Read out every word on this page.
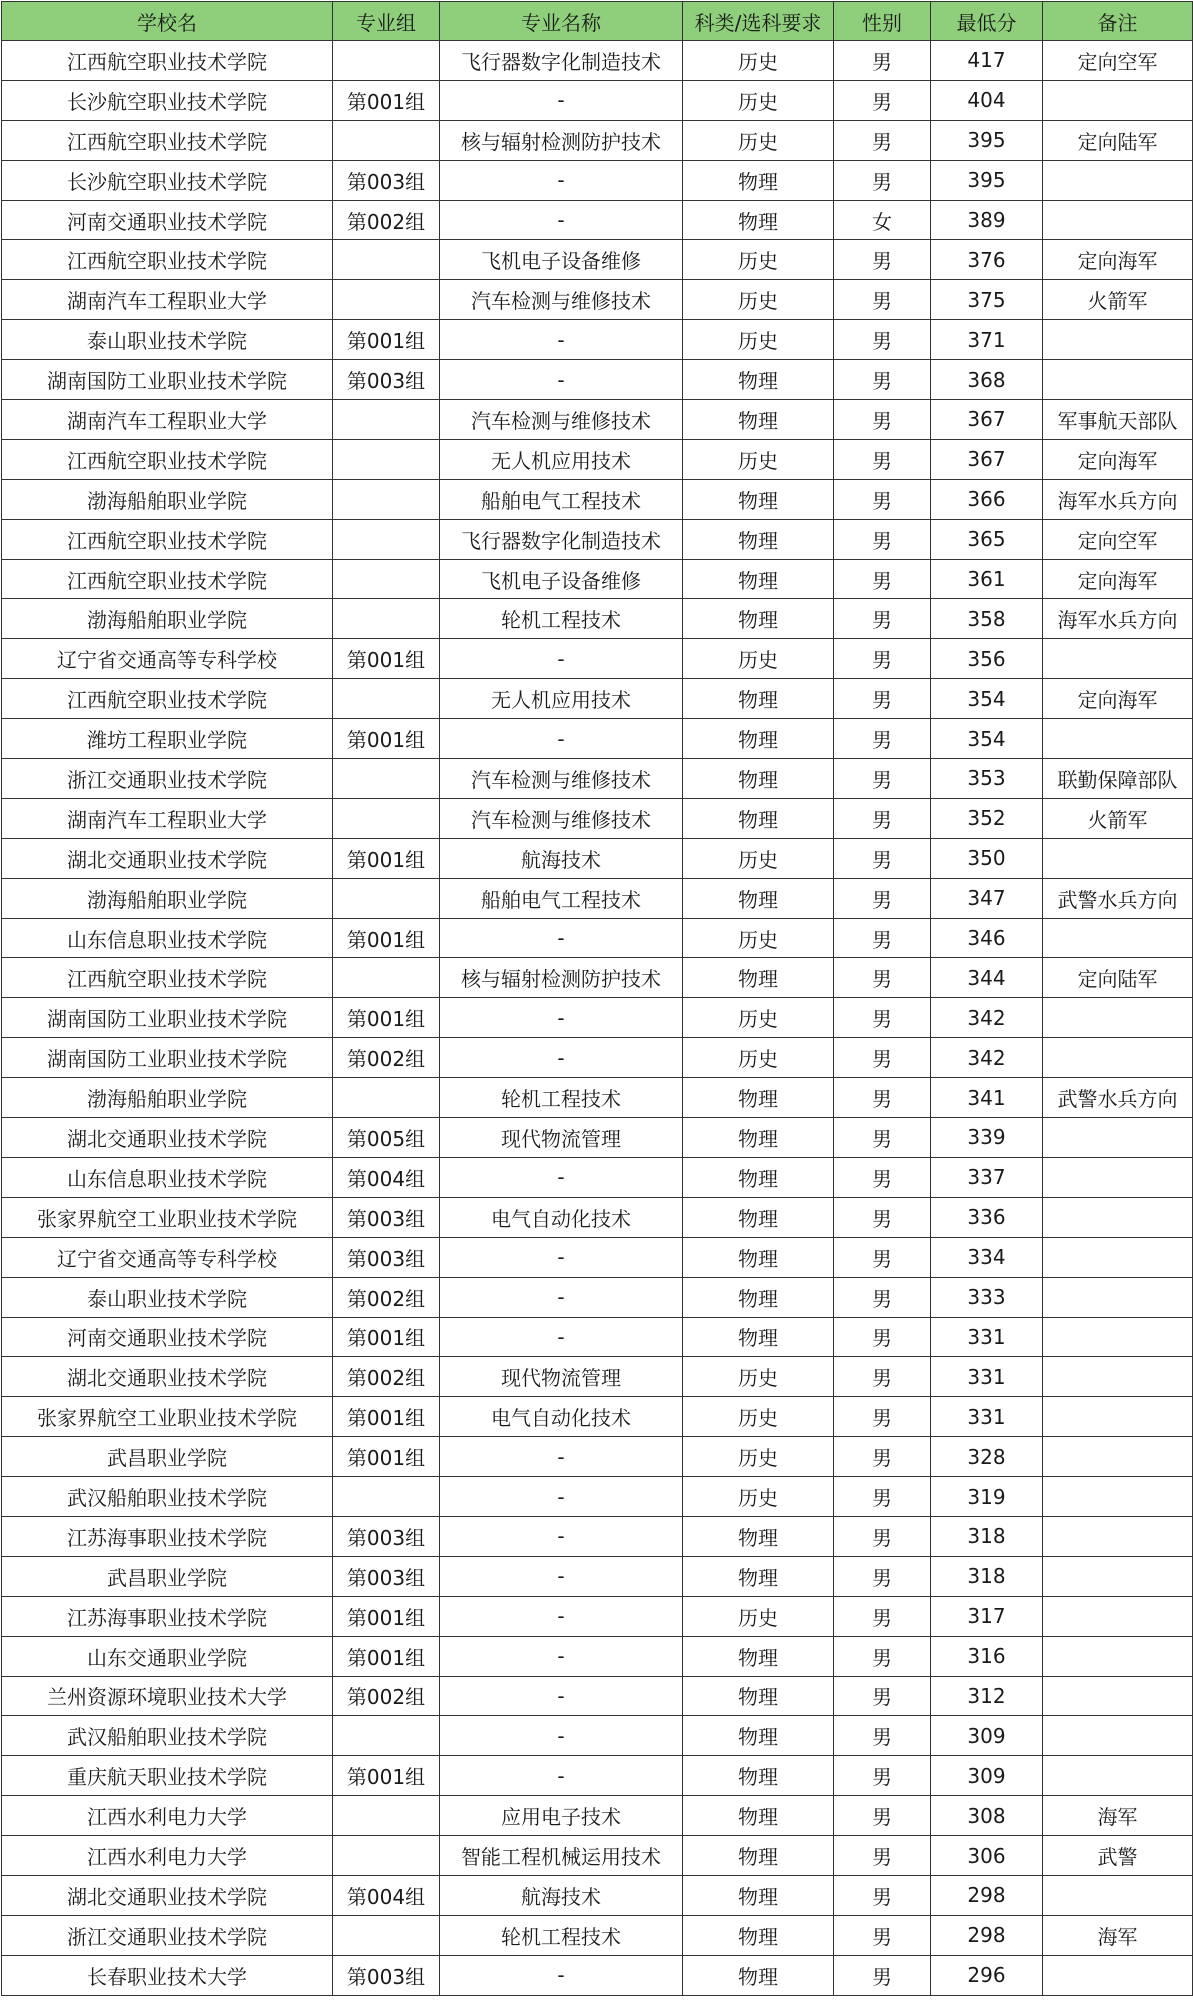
学校名	专业组	专业名称	科类/选科要求	性别	最低分	备注
江西航空职业技术学院		飞行器数字化制造技术	历史	男	417	定向空军
长沙航空职业技术学院	第001组	-	历史	男	404	
江西航空职业技术学院		核与辐射检测防护技术	历史	男	395	定向陆军
长沙航空职业技术学院	第003组	-	物理	男	395	
河南交通职业技术学院	第002组	-	物理	女	389	
江西航空职业技术学院		飞机电子设备维修	历史	男	376	定向海军
湖南汽车工程职业大学		汽车检测与维修技术	历史	男	375	火箭军
泰山职业技术学院	第001组	-	历史	男	371	
湖南国防工业职业技术学院	第003组	-	物理	男	368	
湖南汽车工程职业大学		汽车检测与维修技术	物理	男	367	军事航天部队
江西航空职业技术学院		无人机应用技术	历史	男	367	定向海军
渤海船舶职业学院		船舶电气工程技术	物理	男	366	海军水兵方向
江西航空职业技术学院		飞行器数字化制造技术	物理	男	365	定向空军
江西航空职业技术学院		飞机电子设备维修	物理	男	361	定向海军
渤海船舶职业学院		轮机工程技术	物理	男	358	海军水兵方向
辽宁省交通高等专科学校	第001组	-	历史	男	356	
江西航空职业技术学院		无人机应用技术	物理	男	354	定向海军
潍坊工程职业学院	第001组	-	物理	男	354	
浙江交通职业技术学院		汽车检测与维修技术	物理	男	353	联勤保障部队
湖南汽车工程职业大学		汽车检测与维修技术	物理	男	352	火箭军
湖北交通职业技术学院	第001组	航海技术	历史	男	350	
渤海船舶职业学院		船舶电气工程技术	物理	男	347	武警水兵方向
山东信息职业技术学院	第001组	-	历史	男	346	
江西航空职业技术学院		核与辐射检测防护技术	物理	男	344	定向陆军
湖南国防工业职业技术学院	第001组	-	历史	男	342	
湖南国防工业职业技术学院	第002组	-	历史	男	342	
渤海船舶职业学院		轮机工程技术	物理	男	341	武警水兵方向
湖北交通职业技术学院	第005组	现代物流管理	物理	男	339	
山东信息职业技术学院	第004组	-	物理	男	337	
张家界航空工业职业技术学院	第003组	电气自动化技术	物理	男	336	
辽宁省交通高等专科学校	第003组	-	物理	男	334	
泰山职业技术学院	第002组	-	物理	男	333	
河南交通职业技术学院	第001组	-	物理	男	331	
湖北交通职业技术学院	第002组	现代物流管理	历史	男	331	
张家界航空工业职业技术学院	第001组	电气自动化技术	历史	男	331	
武昌职业学院	第001组	-	历史	男	328	
武汉船舶职业技术学院		-	历史	男	319	
江苏海事职业技术学院	第003组	-	物理	男	318	
武昌职业学院	第003组	-	物理	男	318	
江苏海事职业技术学院	第001组	-	历史	男	317	
山东交通职业学院	第001组	-	物理	男	316	
兰州资源环境职业技术大学	第002组	-	物理	男	312	
武汉船舶职业技术学院		-	物理	男	309	
重庆航天职业技术学院	第001组	-	物理	男	309	
江西水利电力大学		应用电子技术	物理	男	308	海军
江西水利电力大学		智能工程机械运用技术	物理	男	306	武警
湖北交通职业技术学院	第004组	航海技术	物理	男	298	
浙江交通职业技术学院		轮机工程技术	物理	男	298	海军
长春职业技术大学	第003组	-	物理	男	296	
